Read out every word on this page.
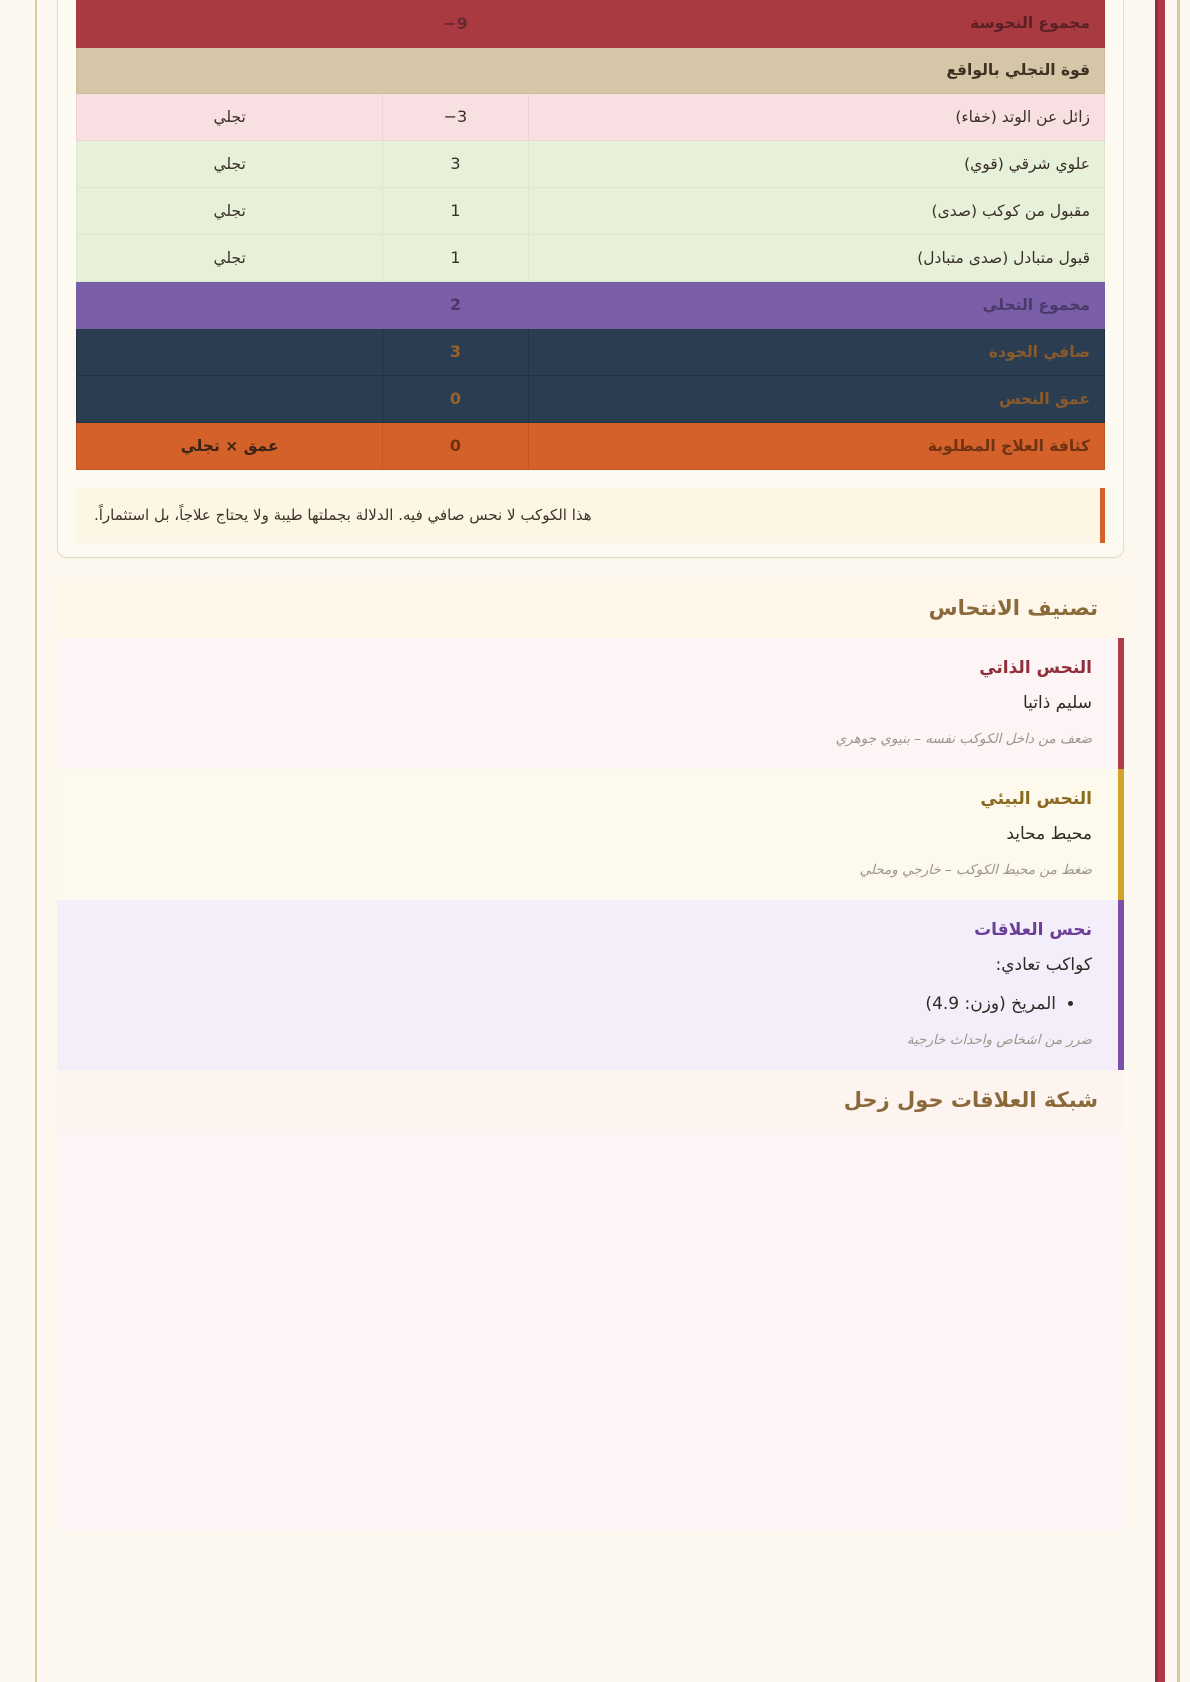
مجموع النحوسة	9−	
قوة التجلي بالواقع		
زائل عن الوتد (خفاء)	3−	تجلي
علوي شرقي (قوي)	3	تجلي
مقبول من كوكب (صدى)	1	تجلي
قبول متبادل (صدى متبادل)	1	تجلي
مجموع التجلي	2	
صافي الجودة	3	
عمق النحس	0	
كثافة العلاج المطلوبة	0	عمق × تجلي
هذا الكوكب لا نحس صافي فيه. الدلالة بجملتها طيبة ولا يحتاج علاجاً، بل استثماراً.
تصنيف الانتحاس
النحس الذاتي
سليم ذاتيا
ضعف من داخل الكوكب نفسه – بنيوي جوهري
النحس البيئي
محيط محايد
ضغط من محيط الكوكب – خارجي ومحلي
نحس العلاقات
كواكب تعادي:
• المريخ (وزن: 4.9)
ضرر من اشخاص واحداث خارجية
شبكة العلاقات حول زحل
